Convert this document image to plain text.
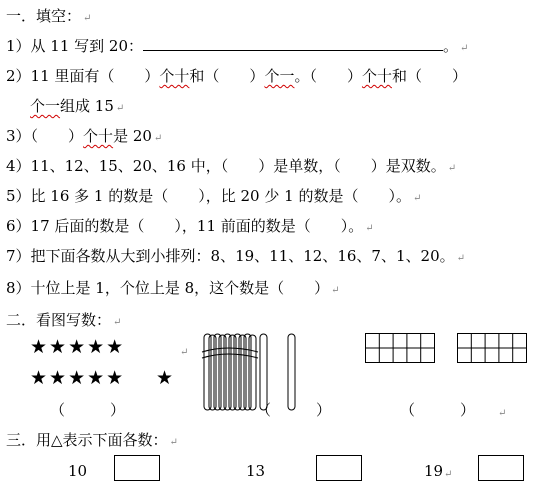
一．填空： ↵
1）从 11 写到 20：	。 ↵
2）11 里面有（　　）个十和（　　）个一。（　　）个十和（　　）
个一组成 15 ↵
3）（　　）个十是 20 ↵
4）11、12、15、20、16 中，（　　）是单数，（　　）是双数。 ↵
5）比 16 多 1 的数是（　　），比 20 少 1 的数是（　　）。 ↵
6）17 后面的数是（　　），11 前面的数是（　　）。 ↵
7）把下面各数从大到小排列：8、19、11、12、16、7、1、20。 ↵
8）十位上是 1，个位上是 8，这个数是（　　） ↵
二．看图写数： ↵
★★★★★	↵
★★★★★ ★
（　　　）	（　　　）	（　　　） ↵
三．用△表示下面各数： ↵
10	13	19 ↵
